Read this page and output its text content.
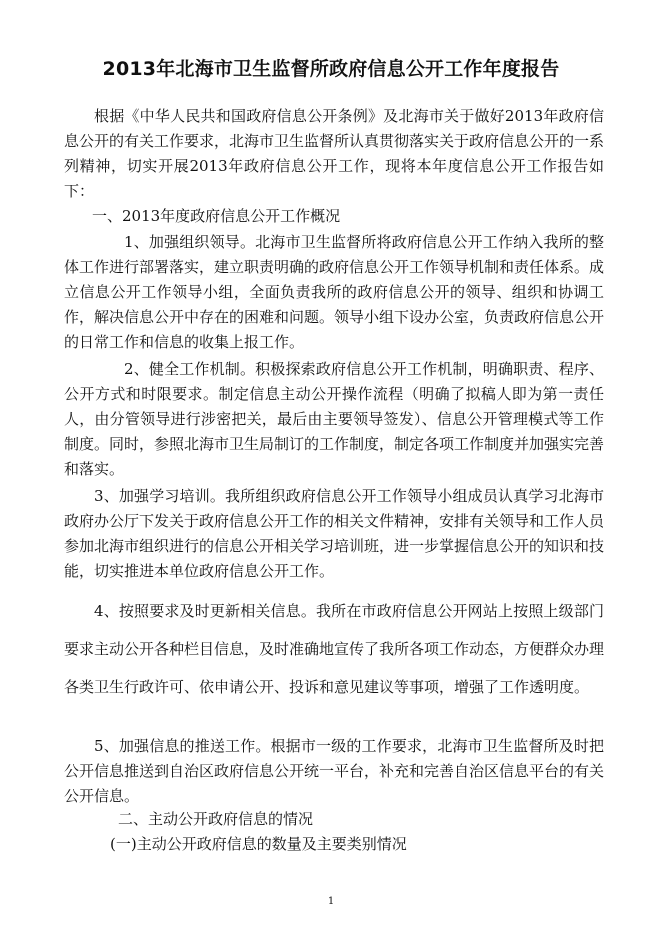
2013年北海市卫生监督所政府信息公开工作年度报告

根据《中华人民共和国政府信息公开条例》及北海市关于做好2013年政府信息公开的有关工作要求，北海市卫生监督所认真贯彻落实关于政府信息公开的一系列精神，切实开展2013年政府信息公开工作，现将本年度信息公开工作报告如下：

一、2013年度政府信息公开工作概况

1、加强组织领导。北海市卫生监督所将政府信息公开工作纳入我所的整体工作进行部署落实，建立职责明确的政府信息公开工作领导机制和责任体系。成立信息公开工作领导小组，全面负责我所的政府信息公开的领导、组织和协调工作，解决信息公开中存在的困难和问题。领导小组下设办公室，负责政府信息公开的日常工作和信息的收集上报工作。

2、健全工作机制。积极探索政府信息公开工作机制，明确职责、程序、公开方式和时限要求。制定信息主动公开操作流程（明确了拟稿人即为第一责任人，由分管领导进行涉密把关，最后由主要领导签发）、信息公开管理模式等工作制度。同时，参照北海市卫生局制订的工作制度，制定各项工作制度并加强实完善和落实。

3、加强学习培训。我所组织政府信息公开工作领导小组成员认真学习北海市政府办公厅下发关于政府信息公开工作的相关文件精神，安排有关领导和工作人员参加北海市组织进行的信息公开相关学习培训班，进一步掌握信息公开的知识和技能，切实推进本单位政府信息公开工作。

4、按照要求及时更新相关信息。我所在市政府信息公开网站上按照上级部门要求主动公开各种栏目信息，及时准确地宣传了我所各项工作动态，方便群众办理各类卫生行政许可、依申请公开、投诉和意见建议等事项，增强了工作透明度。

5、加强信息的推送工作。根据市一级的工作要求，北海市卫生监督所及时把公开信息推送到自治区政府信息公开统一平台，补充和完善自治区信息平台的有关公开信息。

二、主动公开政府信息的情况

(一)主动公开政府信息的数量及主要类别情况

1
